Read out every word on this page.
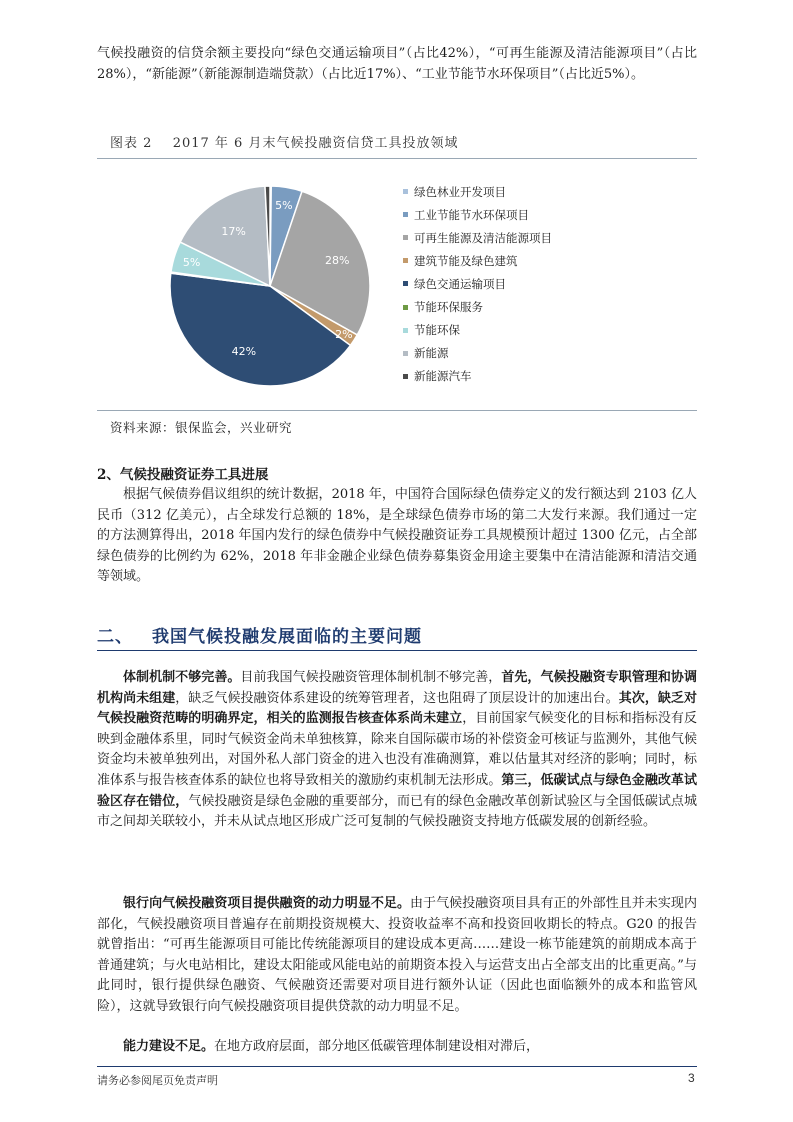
气候投融资的信贷余额主要投向“绿色交通运输项目”（占比42%），“可再生能源及清洁能源项目”（占比28%），“新能源”（新能源制造端贷款）（占比近17%）、“工业节能节水环保项目”（占比近5%）。

图表 2 2017 年 6 月末气候投融资信贷工具投放领域
5%
28%
2%
42%
5%
17%
绿色林业开发项目
工业节能节水环保项目
可再生能源及清洁能源项目
建筑节能及绿色建筑
绿色交通运输项目
节能环保服务
节能环保
新能源
新能源汽车
资料来源：银保监会，兴业研究
2、气候投融资证券工具进展

根据气候债券倡议组织的统计数据，2018 年，中国符合国际绿色债券定义的发行额达到 2103 亿人民币（312 亿美元），占全球发行总额的 18%，是全球绿色债券市场的第二大发行来源。我们通过一定的方法测算得出，2018 年国内发行的绿色债券中气候投融资证券工具规模预计超过 1300 亿元，占全部绿色债券的比例约为 62%，2018 年非金融企业绿色债券募集资金用途主要集中在清洁能源和清洁交通等领域。

二、 我国气候投融发展面临的主要问题

体制机制不够完善。目前我国气候投融资管理体制机制不够完善，首先，气候投融资专职管理和协调机构尚未组建，缺乏气候投融资体系建设的统筹管理者，这也阻碍了顶层设计的加速出台。其次，缺乏对气候投融资范畴的明确界定，相关的监测报告核查体系尚未建立，目前国家气候变化的目标和指标没有反映到金融体系里，同时气候资金尚未单独核算，除来自国际碳市场的补偿资金可核证与监测外，其他气候资金均未被单独列出，对国外私人部门资金的进入也没有准确测算，难以估量其对经济的影响；同时，标准体系与报告核查体系的缺位也将导致相关的激励约束机制无法形成。第三，低碳试点与绿色金融改革试验区存在错位，气候投融资是绿色金融的重要部分，而已有的绿色金融改革创新试验区与全国低碳试点城市之间却关联较小，并未从试点地区形成广泛可复制的气候投融资支持地方低碳发展的创新经验。

银行向气候投融资项目提供融资的动力明显不足。由于气候投融资项目具有正的外部性且并未实现内部化，气候投融资项目普遍存在前期投资规模大、投资收益率不高和投资回收期长的特点。G20 的报告就曾指出：“可再生能源项目可能比传统能源项目的建设成本更高……建设一栋节能建筑的前期成本高于普通建筑；与火电站相比，建设太阳能或风能电站的前期资本投入与运营支出占全部支出的比重更高。”与此同时，银行提供绿色融资、气候融资还需要对项目进行额外认证（因此也面临额外的成本和监管风险），这就导致银行向气候投融资项目提供贷款的动力明显不足。

能力建设不足。在地方政府层面，部分地区低碳管理体制建设相对滞后，

请务必参阅尾页免责声明	3
